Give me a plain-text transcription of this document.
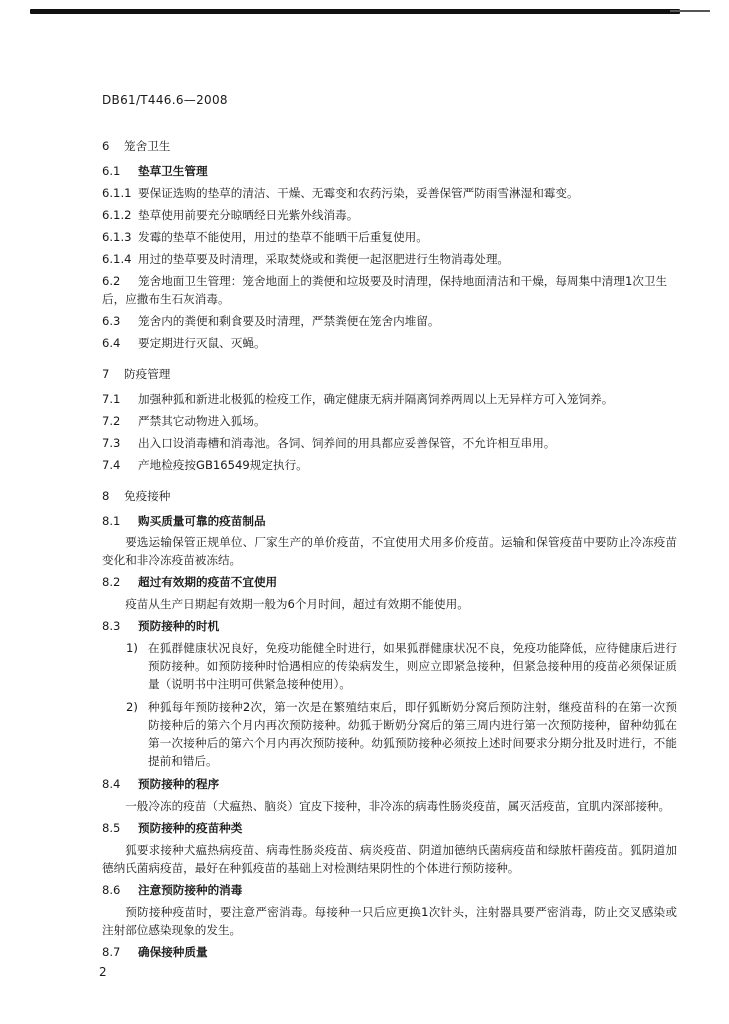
DB61/T446.6—2008
6 笼舍卫生
6.1 垫草卫生管理
6.1.1 要保证选购的垫草的清洁、干燥、无霉变和农药污染，妥善保管严防雨雪淋湿和霉变。
6.1.2 垫草使用前要充分晾晒经日光紫外线消毒。
6.1.3 发霉的垫草不能使用，用过的垫草不能晒干后重复使用。
6.1.4 用过的垫草要及时清理，采取焚烧或和粪便一起沤肥进行生物消毒处理。
6.2 笼舍地面卫生管理：笼舍地面上的粪便和垃圾要及时清理，保持地面清洁和干燥，每周集中清理1次卫生后，应撒布生石灰消毒。
6.3 笼舍内的粪便和剩食要及时清理，严禁粪便在笼舍内堆留。
6.4 要定期进行灭鼠、灭蝇。
7 防疫管理
7.1 加强种狐和新进北极狐的检疫工作，确定健康无病并隔离饲养两周以上无异样方可入笼饲养。
7.2 严禁其它动物进入狐场。
7.3 出入口设消毒槽和消毒池。各饲、饲养间的用具都应妥善保管，不允许相互串用。
7.4 产地检疫按GB16549规定执行。
8 免疫接种
8.1 购买质量可靠的疫苗制品

要选运输保管正规单位、厂家生产的单价疫苗，不宜使用犬用多价疫苗。运输和保管疫苗中要防止冷冻疫苗变化和非冷冻疫苗被冻结。

8.2 超过有效期的疫苗不宜使用

疫苗从生产日期起有效期一般为6个月时间，超过有效期不能使用。

8.3 预防接种的时机
1) 在狐群健康状况良好，免疫功能健全时进行，如果狐群健康状况不良，免疫功能降低，应待健康后进行预防接种。如预防接种时恰遇相应的传染病发生，则应立即紧急接种，但紧急接种用的疫苗必须保证质量（说明书中注明可供紧急接种使用）。
2) 种狐每年预防接种2次，第一次是在繁殖结束后，即仔狐断奶分窝后预防注射，继疫苗科的在第一次预防接种后的第六个月内再次预防接种。幼狐于断奶分窝后的第三周内进行第一次预防接种，留种幼狐在第一次接种后的第六个月内再次预防接种。幼狐预防接种必须按上述时间要求分期分批及时进行，不能提前和错后。
8.4 预防接种的程序

一般冷冻的疫苗（犬瘟热、脑炎）宜皮下接种，非冷冻的病毒性肠炎疫苗，属灭活疫苗，宜肌内深部接种。

8.5 预防接种的疫苗种类

狐要求接种犬瘟热病疫苗、病毒性肠炎疫苗、病炎疫苗、阴道加德纳氏菌病疫苗和绿脓杆菌疫苗。狐阴道加德纳氏菌病疫苗，最好在种狐疫苗的基础上对检测结果阴性的个体进行预防接种。

8.6 注意预防接种的消毒

预防接种疫苗时，要注意严密消毒。每接种一只后应更换1次针头，注射器具要严密消毒，防止交叉感染或注射部位感染现象的发生。

8.7 确保接种质量
2
